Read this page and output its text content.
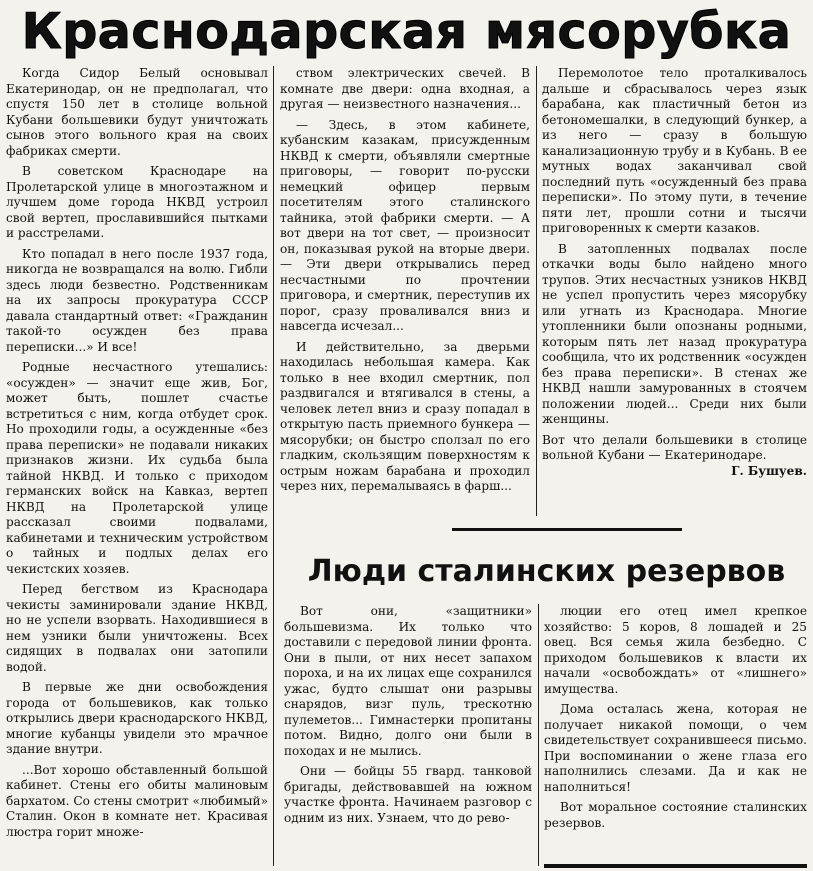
Краснодарская мясорубка

Когда Сидор Белый основывал Екатеринодар, он не предполагал, что спустя 150 лет в столице вольной Кубани большевики будут уничтожать сынов этого вольного края на своих фабриках смерти.

В советском Краснодаре на Пролетарской улице в многоэтажном и лучшем доме города НКВД устроил свой вертеп, прославившийся пытками и расстрелами.

Кто попадал в него после 1937 года, никогда не возвращался на волю. Гибли здесь люди безвестно. Родственникам на их запросы прокуратура СССР давала стандартный ответ: «Гражданин такой-то осужден без права переписки...» И все!

Родные несчастного утешались: «осужден» — значит еще жив, Бог, может быть, пошлет счастье встретиться с ним, когда отбудет срок. Но проходили годы, а осужденные «без права переписки» не подавали никаких признаков жизни. Их судьба была тайной НКВД. И только с приходом германских войск на Кавказ, вертеп НКВД на Пролетарской улице рассказал своими подвалами, кабинетами и техническим устройством о тайных и подлых делах его чекистских хозяев.

Перед бегством из Краснодара чекисты заминировали здание НКВД, но не успели взорвать. Находившиеся в нем узники были уничтожены. Всех сидящих в подвалах они затопили водой.

В первые же дни освобождения города от большевиков, как только открылись двери краснодарского НКВД, многие кубанцы увидели это мрачное здание внутри.

...Вот хорошо обставленный большой кабинет. Стены его обиты малиновым бархатом. Со стены смотрит «любимый» Сталин. Окон в комнате нет. Красивая люстра горит множе-

ством электрических свечей. В комнате две двери: одна входная, а другая — неизвестного назначения...

— Здесь, в этом кабинете, кубанским казакам, присужденным НКВД к смерти, объявляли смертные приговоры, — говорит по-русски немецкий офицер первым посетителям этого сталинского тайника, этой фабрики смерти. — А вот двери на тот свет, — произносит он, показывая рукой на вторые двери. — Эти двери открывались перед несчастными по прочтении приговора, и смертник, переступив их порог, сразу проваливался вниз и навсегда исчезал...

И действительно, за дверьми находилась небольшая камера. Как только в нее входил смертник, пол раздвигался и втягивался в стены, а человек летел вниз и сразу попадал в открытую пасть приемного бункера — мясорубки; он быстро сползал по его гладким, скользящим поверхностям к острым ножам барабана и проходил через них, перемалываясь в фарш...

Перемолотое тело проталкивалось дальше и сбрасывалось через язык барабана, как пластичный бетон из бетономешалки, в следующий бункер, а из него — сразу в большую канализационную трубу и в Кубань. В ее мутных водах заканчивал свой последний путь «осужденный без права переписки». По этому пути, в течение пяти лет, прошли сотни и тысячи приговоренных к смерти казаков.

В затопленных подвалах после откачки воды было найдено много трупов. Этих несчастных узников НКВД не успел пропустить через мясорубку или угнать из Краснодара. Многие утопленники были опознаны родными, которым пять лет назад прокуратура сообщила, что их родственник «осужден без права переписки». В стенах же НКВД нашли замурованных в стоячем положении людей... Среди них были женщины.

Вот что делали большевики в столице вольной Кубани — Екатеринодаре.
Г. Бушуев.

Люди сталинских резервов

Вот они, «защитники» большевизма. Их только что доставили с передовой линии фронта. Они в пыли, от них несет запахом пороха, и на их лицах еще сохранился ужас, будто слышат они разрывы снарядов, визг пуль, трескотню пулеметов... Гимнастерки пропитаны потом. Видно, долго они были в походах и не мылись.

Они — бойцы 55 гвард. танковой бригады, действовавшей на южном участке фронта. Начинаем разговор с одним из них. Узнаем, что до рево-

люции его отец имел крепкое хозяйство: 5 коров, 8 лошадей и 25 овец. Вся семья жила безбедно. С приходом большевиков к власти их начали «освобождать» от «лишнего» имущества.

Дома осталась жена, которая не получает никакой помощи, о чем свидетельствует сохранившееся письмо. При воспоминании о жене глаза его наполнились слезами. Да и как не наполниться!

Вот моральное состояние сталинских резервов.
